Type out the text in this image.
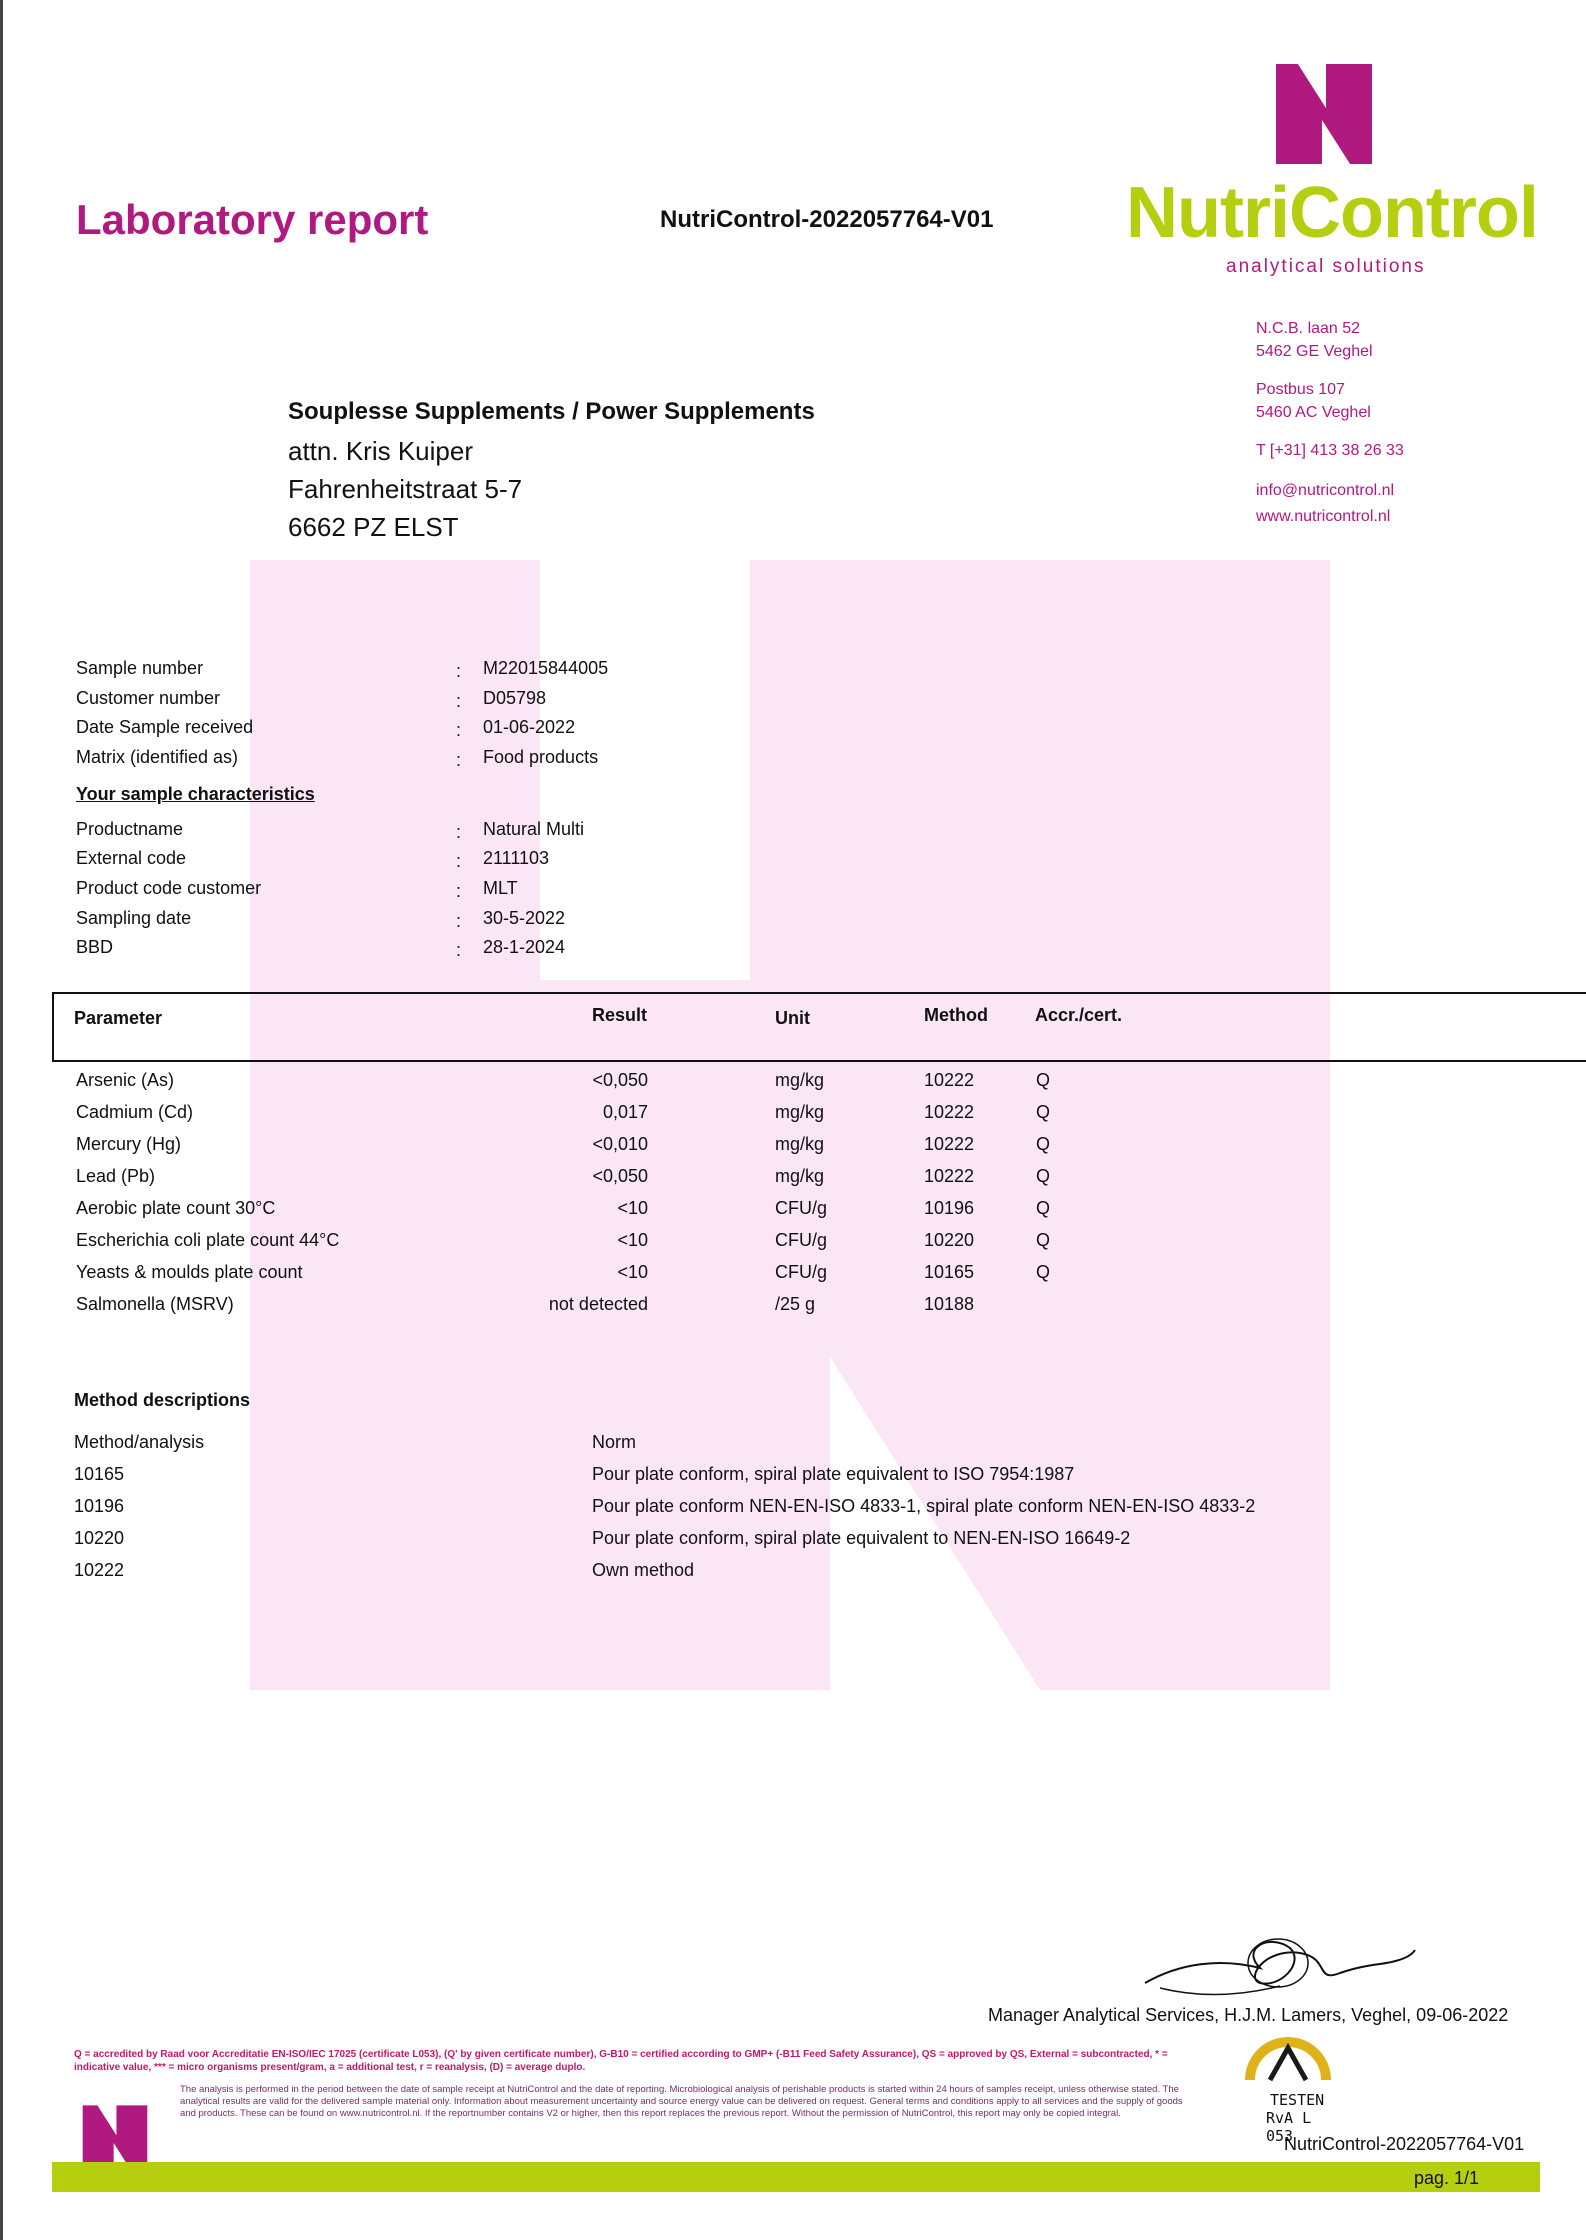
Laboratory report	NutriControl-2022057764-V01 NutriControl
analytical solutions
N.C.B. laan 52
5462 GE Veghel
Postbus 107
5460 AC Veghel
T [+31] 413 38 26 33
info@nutricontrol.nl
www.nutricontrol.nl
Souplesse Supplements / Power Supplements
attn. Kris Kuiper
Fahrenheitstraat 5-7
6662 PZ ELST
Sample number	: M22015844005
Customer number	: D05798
Date Sample received	: 01-06-2022
Matrix (identified as)	: Food products
Your sample characteristics
Productname	: Natural Multi
External code	: 2111103
Product code customer	: MLT
Sampling date	: 30-5-2022
BBD	: 28-1-2024
Parameter	Result	Unit	Method	Accr./cert.
Arsenic (As)	<0,050	mg/kg	10222	Q
Cadmium (Cd)	0,017	mg/kg	10222	Q
Mercury (Hg)	<0,010	mg/kg	10222	Q
Lead (Pb)	<0,050	mg/kg	10222	Q
Aerobic plate count 30°C	<10	CFU/g	10196	Q
Escherichia coli plate count 44°C	<10	CFU/g	10220	Q
Yeasts & moulds plate count	<10	CFU/g	10165	Q
Salmonella (MSRV)	not detected	/25 g	10188
Method descriptions
Method/analysis	Norm
10165	Pour plate conform, spiral plate equivalent to ISO 7954:1987
10196	Pour plate conform NEN-EN-ISO 4833-1, spiral plate conform NEN-EN-ISO 4833-2
10220	Pour plate conform, spiral plate equivalent to NEN-EN-ISO 16649-2
10222	Own method
Manager Analytical Services, H.J.M. Lamers, Veghel, 09-06-2022
Q = accredited by Raad voor Accreditatie EN-ISO/IEC 17025 (certificate L053), (Q' by given certificate number), G-B10 = certified according to GMP+ (-B11 Feed Safety Assurance), QS = approved by QS, External = subcontracted, * = indicative value, *** = micro organisms present/gram, a = additional test, r = reanalysis, (D) = average duplo.
The analysis is performed in the period between the date of sample receipt at NutriControl and the date of reporting. Microbiological analysis of perishable products is started within 24 hours of samples receipt, unless otherwise stated. The analytical results are valid for the delivered sample material only. Information about measurement uncertainty and source energy value can be delivered on request. General terms and conditions apply to all services and the supply of goods and products. These can be found on www.nutricontrol.nl. If the reportnumber contains V2 or higher, then this report replaces the previous report. Without the permission of NutriControl, this report may only be copied integral.
TESTEN
RvA L 053
NutriControl-2022057764-V01
pag. 1/1
